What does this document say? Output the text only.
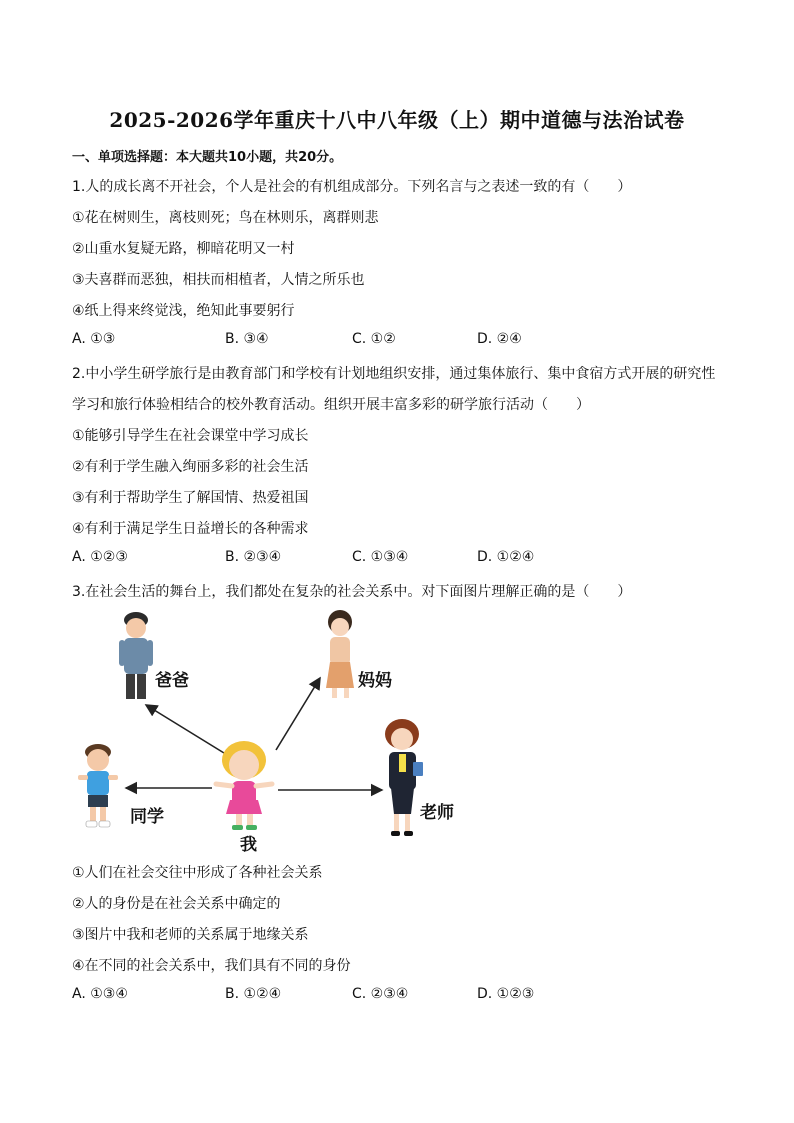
2025-2026学年重庆十八中八年级（上）期中道德与法治试卷
一、单项选择题：本大题共10小题，共20分。
1.人的成长离不开社会，个人是社会的有机组成部分。下列名言与之表述一致的有（　　）
①花在树则生，离枝则死；鸟在林则乐，离群则悲
②山重水复疑无路，柳暗花明又一村
③夫喜群而恶独，相扶而相植者，人情之所乐也
④纸上得来终觉浅，绝知此事要躬行
A. ①③	B. ③④	C. ①②	D. ②④
2.中小学生研学旅行是由教育部门和学校有计划地组织安排，通过集体旅行、集中食宿方式开展的研究性
学习和旅行体验相结合的校外教育活动。组织开展丰富多彩的研学旅行活动（　　）
①能够引导学生在社会课堂中学习成长
②有利于学生融入绚丽多彩的社会生活
③有利于帮助学生了解国情、热爱祖国
④有利于满足学生日益增长的各种需求
A. ①②③	B. ②③④	C. ①③④	D. ①②④
3.在社会生活的舞台上，我们都处在复杂的社会关系中。对下面图片理解正确的是（　　）
爸爸	妈妈
同学
我
老师
①人们在社会交往中形成了各种社会关系
②人的身份是在社会关系中确定的
③图片中我和老师的关系属于地缘关系
④在不同的社会关系中，我们具有不同的身份
A. ①③④	B. ①②④	C. ②③④	D. ①②③
